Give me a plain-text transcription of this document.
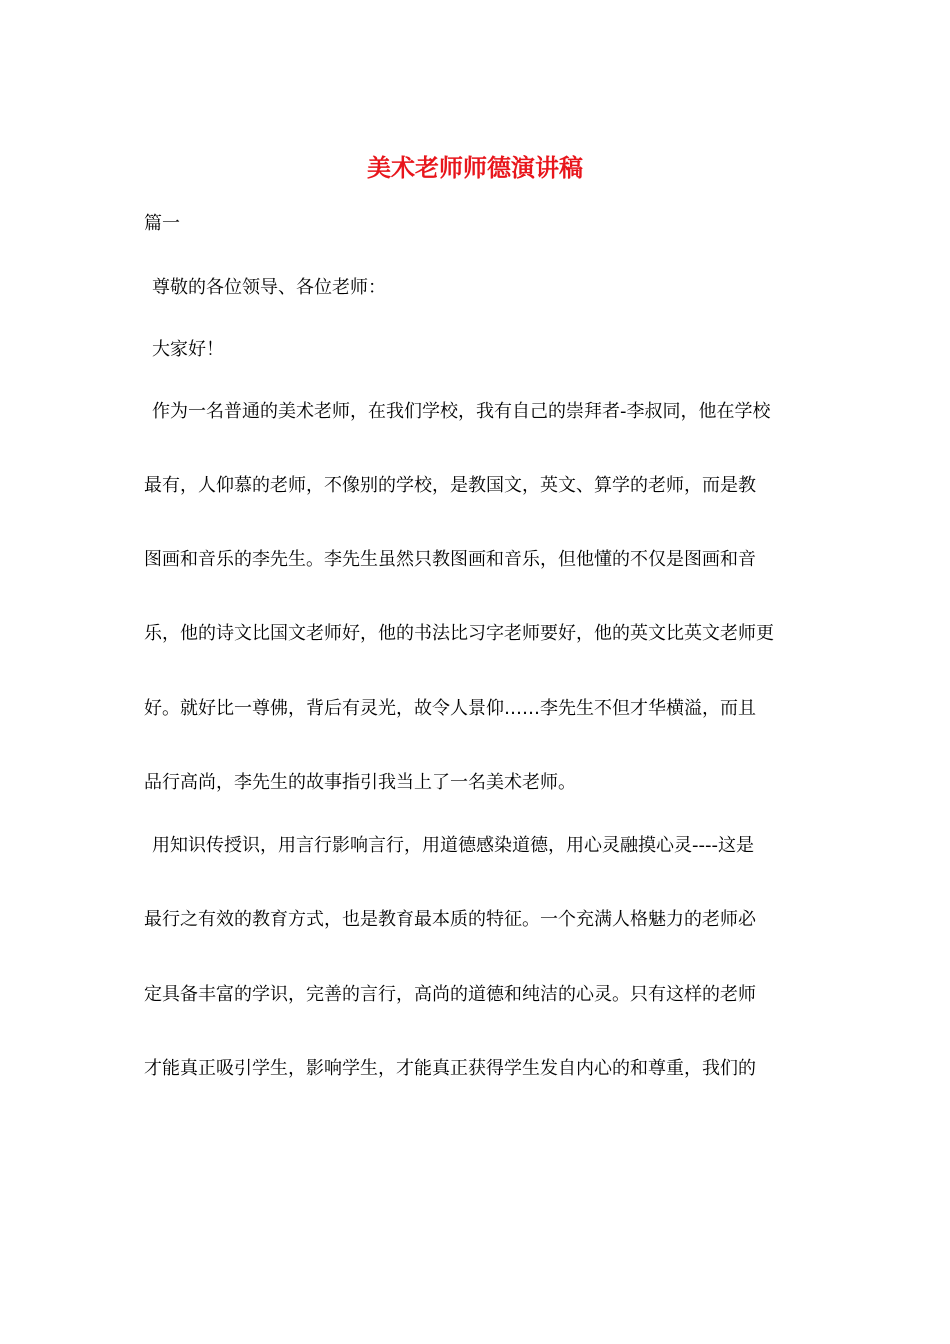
美术老师师德演讲稿

篇一

尊敬的各位领导、各位老师：

大家好！

作为一名普通的美术老师，在我们学校，我有自己的崇拜者-李叔同，他在学校

最有，人仰慕的老师，不像别的学校，是教国文，英文、算学的老师，而是教

图画和音乐的李先生。李先生虽然只教图画和音乐，但他懂的不仅是图画和音

乐，他的诗文比国文老师好，他的书法比习字老师要好，他的英文比英文老师更

好。就好比一尊佛，背后有灵光，故令人景仰……李先生不但才华横溢，而且

品行高尚，李先生的故事指引我当上了一名美术老师。

用知识传授识，用言行影响言行，用道德感染道德，用心灵融摸心灵----这是

最行之有效的教育方式，也是教育最本质的特征。一个充满人格魅力的老师必

定具备丰富的学识，完善的言行，高尚的道德和纯洁的心灵。只有这样的老师

才能真正吸引学生，影响学生，才能真正获得学生发自内心的和尊重，我们的
